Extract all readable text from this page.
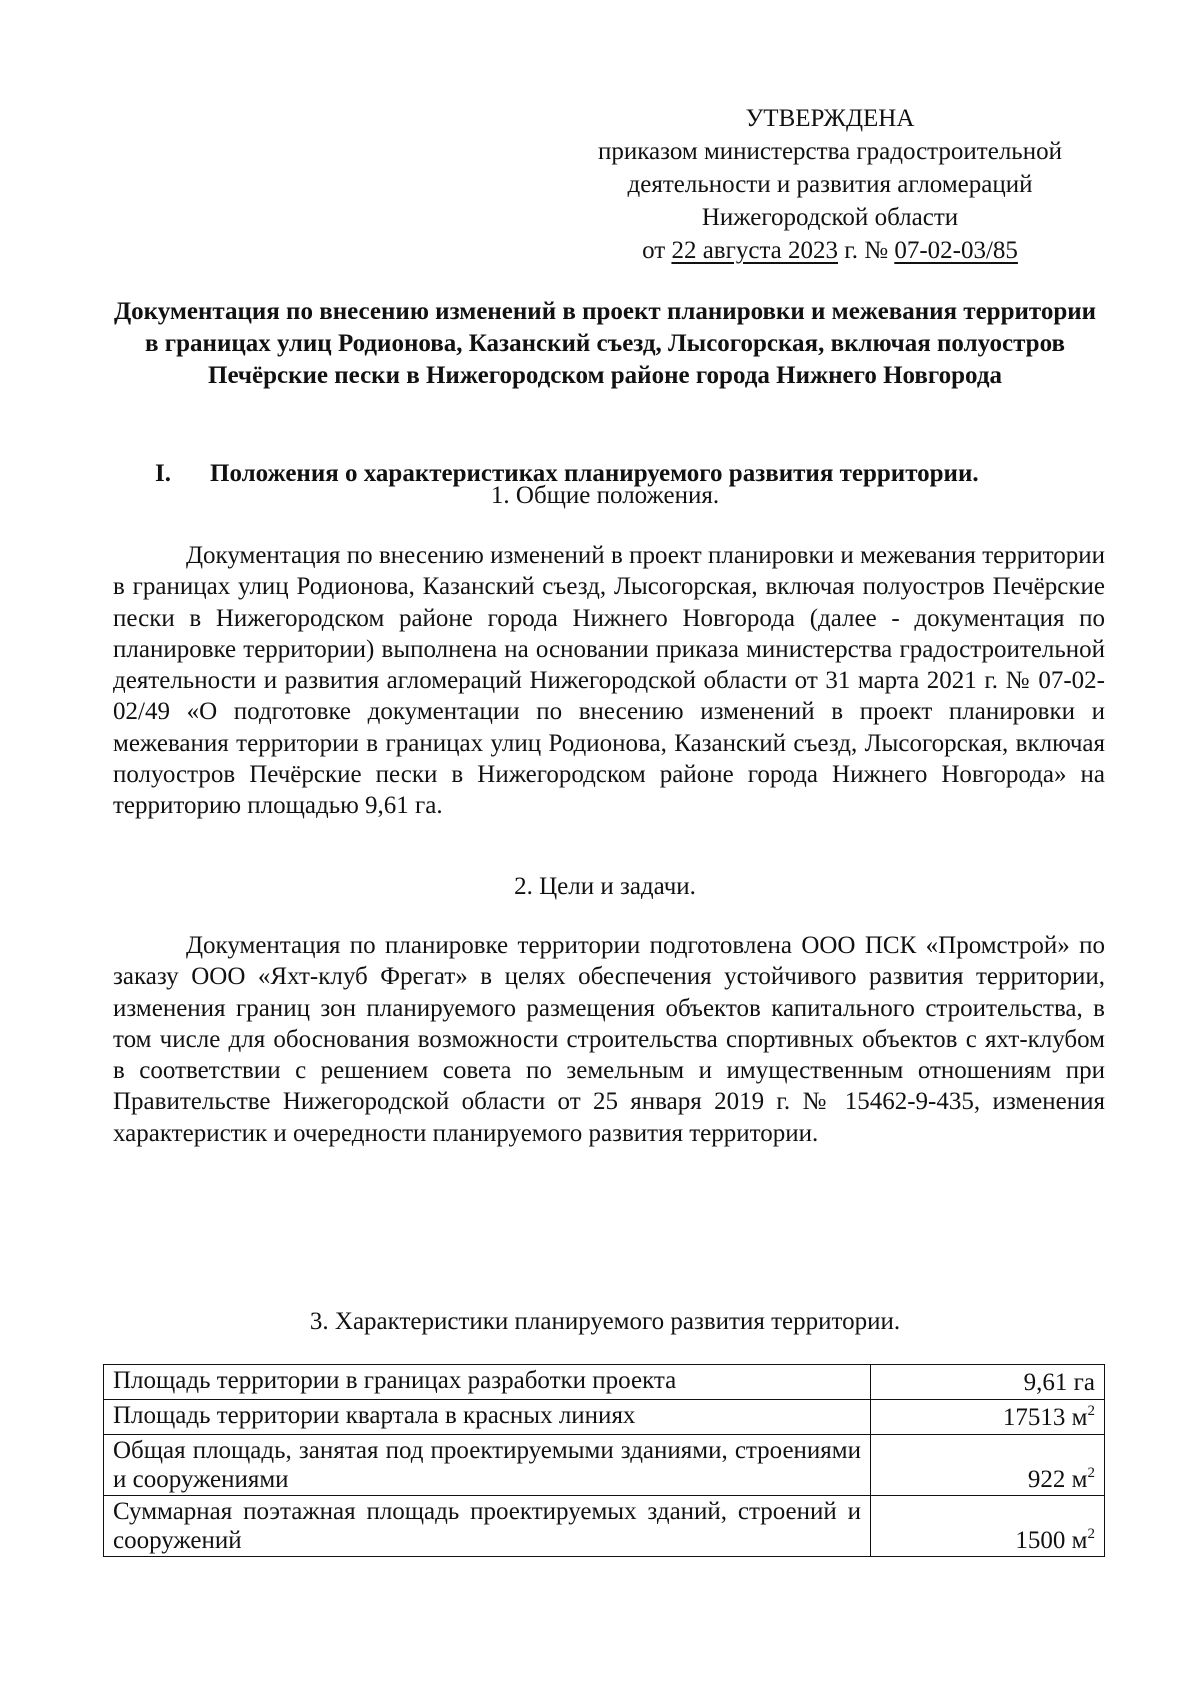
УТВЕРЖДЕНА
приказом министерства градостроительной
деятельности и развития агломераций
Нижегородской области
от 22 августа 2023 г. № 07-02-03/85
Документация по внесению изменений в проект планировки и межевания территории в границах улиц Родионова, Казанский съезд, Лысогорская, включая полуостров Печёрские пески в Нижегородском районе города Нижнего Новгорода
I. Положения о характеристиках планируемого развития территории.
1. Общие положения.

Документация по внесению изменений в проект планировки и межевания территории в границах улиц Родионова, Казанский съезд, Лысогорская, включая полуостров Печёрские пески в Нижегородском районе города Нижнего Новгорода (далее - документация по планировке территории) выполнена на основании приказа министерства градостроительной деятельности и развития агломераций Нижегородской области от 31 марта 2021 г. № 07-02-02/49 «О подготовке документации по внесению изменений в проект планировки и межевания территории в границах улиц Родионова, Казанский съезд, Лысогорская, включая полуостров Печёрские пески в Нижегородском районе города Нижнего Новгорода» на территорию площадью 9,61 га.

2. Цели и задачи.

Документация по планировке территории подготовлена ООО ПСК «Промстрой» по заказу ООО «Яхт-клуб Фрегат» в целях обеспечения устойчивого развития территории, изменения границ зон планируемого размещения объектов капитального строительства, в том числе для обоснования возможности строительства спортивных объектов с яхт-клубом в соответствии с решением совета по земельным и имущественным отношениям при Правительстве Нижегородской области от 25 января 2019 г. № 15462-9-435, изменения характеристик и очередности планируемого развития территории.

3. Характеристики планируемого развития территории.
Площадь территории в границах разработки проекта	9,61 га
Площадь территории квартала в красных линиях	17513 $м^2$
Общая площадь, занятая под проектируемыми зданиями, строениями и сооружениями	922 $м^2$
Суммарная поэтажная площадь проектируемых зданий, строений и сооружений	1500 $м^2$
